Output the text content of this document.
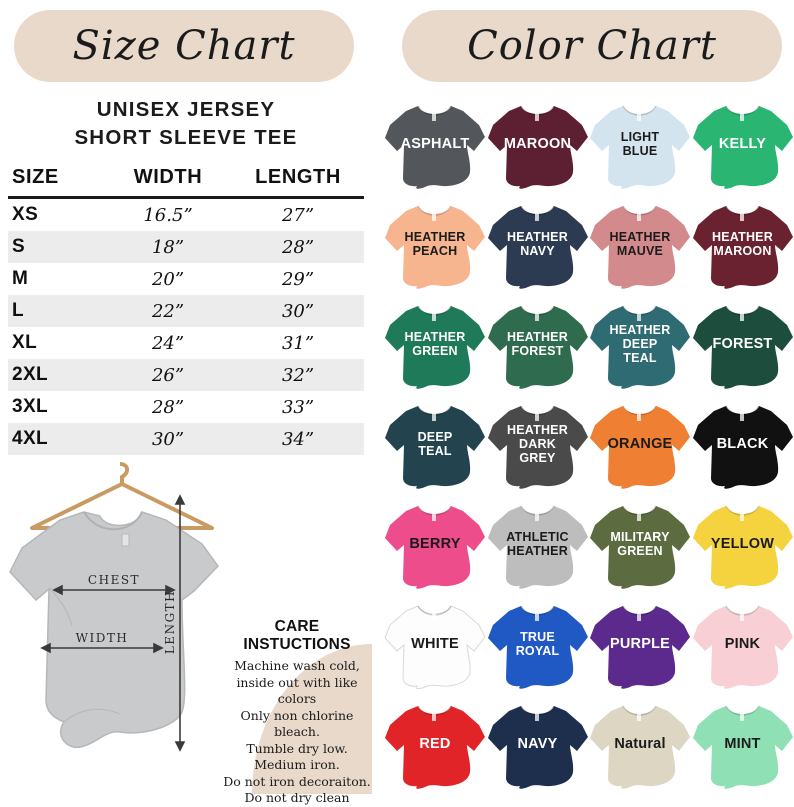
Size Chart
UNISEX JERSEY
SHORT SLEEVE TEE
SIZE	WIDTH	LENGTH
XS	16.5”	27”
S	18”	28”
M	20”	29”
L	22”	30”
XL	24”	31”
2XL	26”	32”
3XL	28”	33”
4XL	30”	34”
CHEST
WIDTH	LENGTH	CARE INSTUCTIONS
Machine wash cold,
inside out with like colors
Only non chlorine bleach.
Tumble dry low.
Medium iron.
Do not iron decoraiton.
Do not dry clean
Color Chart
ASPHALT	MAROON	LIGHT
BLUE	KELLY
HEATHER
PEACH
HEATHER
NAVY
HEATHER
MAUVE
HEATHER
MAROON
HEATHER
GREEN
HEATHER
FOREST
HEATHER
DEEP
TEAL
FOREST
DEEP
TEAL
HEATHER
DARK
GREY
ORANGE	BLACK
BERRY	ATHLETIC
HEATHER
MILITARY
GREEN	YELLOW
WHITE	TRUE
ROYAL	PURPLE	PINK
RED	NAVY	Natural	MINT
